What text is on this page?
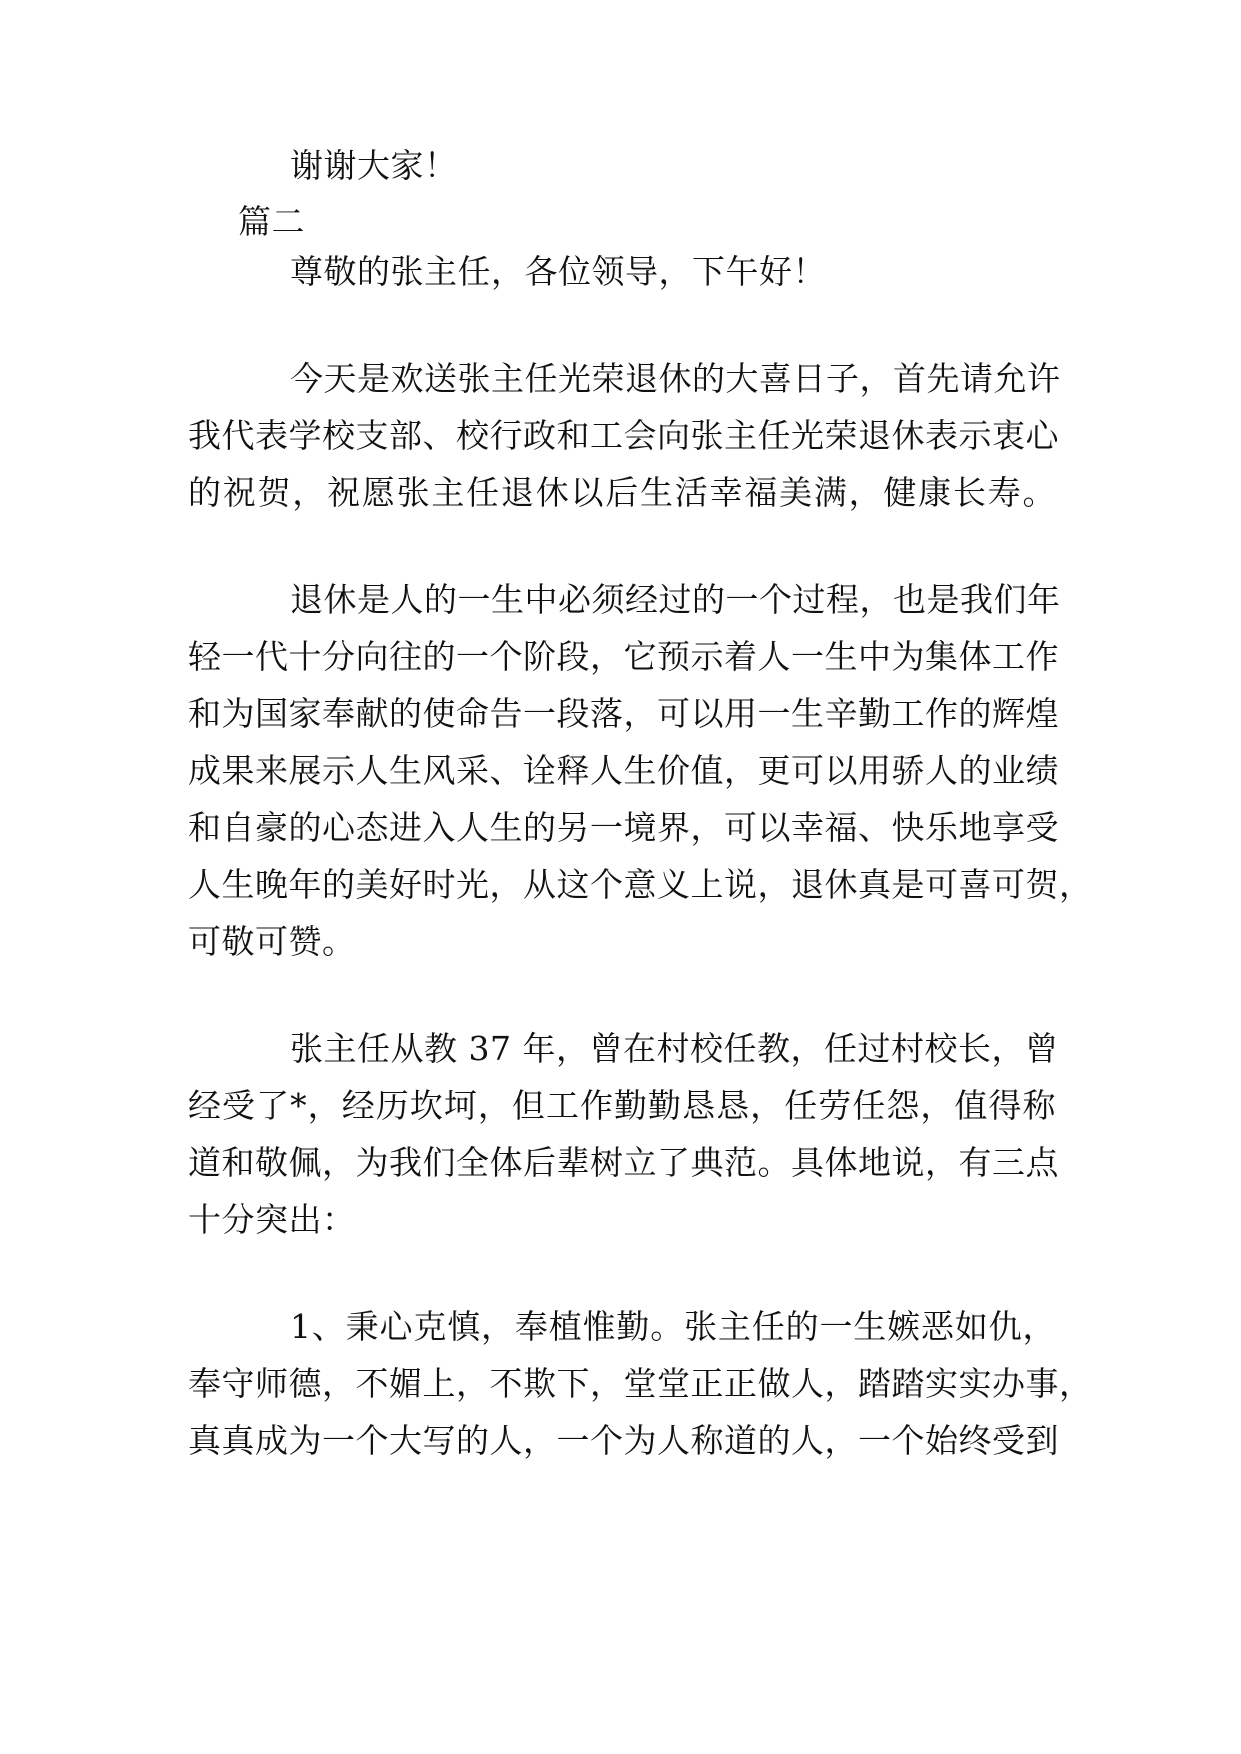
谢谢大家！
篇二
尊敬的张主任，各位领导，下午好！
今天是欢送张主任光荣退休的大喜日子，首先请允许
我代表学校支部、校行政和工会向张主任光荣退休表示衷心
的祝贺，祝愿张主任退休以后生活幸福美满，健康长寿。
退休是人的一生中必须经过的一个过程，也是我们年
轻一代十分向往的一个阶段，它预示着人一生中为集体工作
和为国家奉献的使命告一段落，可以用一生辛勤工作的辉煌
成果来展示人生风采、诠释人生价值，更可以用骄人的业绩
和自豪的心态进入人生的另一境界，可以幸福、快乐地享受
人生晚年的美好时光，从这个意义上说，退休真是可喜可贺，
可敬可赞。
张主任从教 37 年，曾在村校任教，任过村校长，曾
经受了*，经历坎坷，但工作勤勤恳恳，任劳任怨，值得称
道和敬佩，为我们全体后辈树立了典范。具体地说，有三点
十分突出：
1、秉心克慎，奉植惟勤。张主任的一生嫉恶如仇，
奉守师德，不媚上，不欺下，堂堂正正做人，踏踏实实办事，
真真成为一个大写的人，一个为人称道的人，一个始终受到
